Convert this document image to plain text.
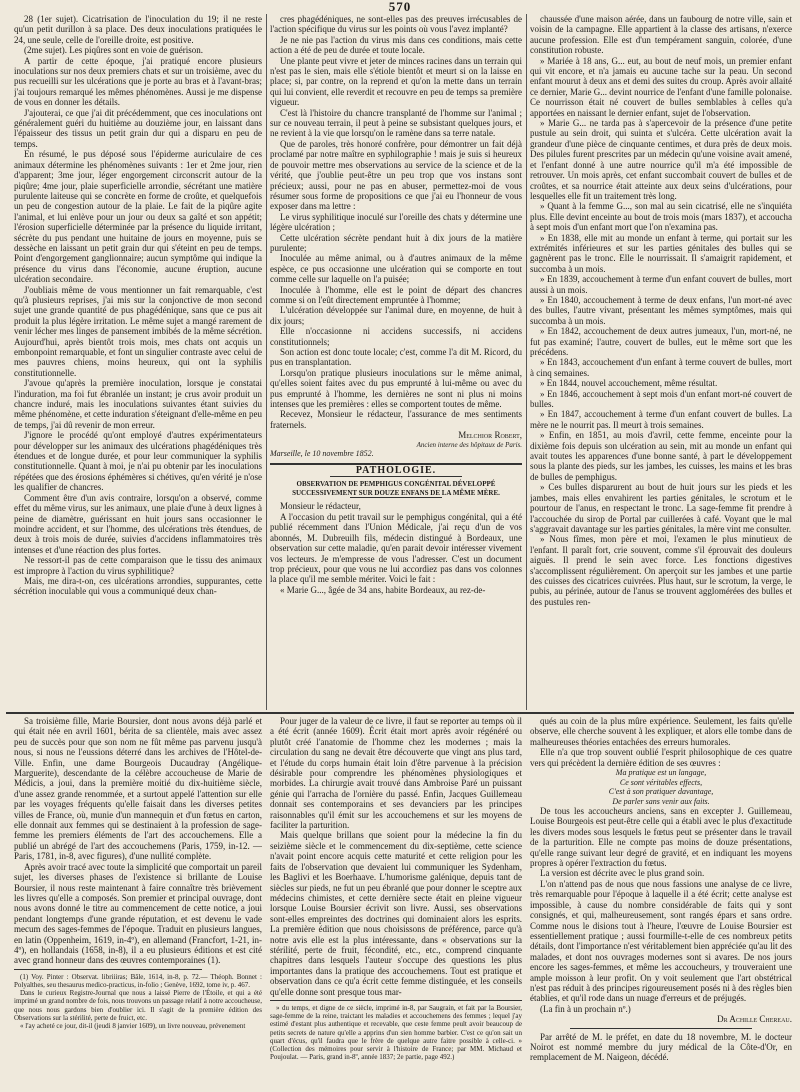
570

28 (1er sujet). Cicatrisation de l'inoculation du 19; il ne reste qu'un petit durillon à sa place. Des deux inoculations pratiquées le 24, une seule, celle de l'oreille droite, est positive.

(2me sujet). Les piqûres sont en voie de guérison.

A partir de cette époque, j'ai pratiqué encore plusieurs inoculations sur nos deux premiers chats et sur un troisième, avec du pus recueilli sur les ulcérations que je porte au bras et à l'avant-bras; j'ai toujours remarqué les mêmes phénomènes. Aussi je me dispense de vous en donner les détails.

J'ajouterai, ce que j'ai dit précédemment, que ces inoculations ont généralement guéri du huitième au douzième jour, en laissant dans l'épaisseur des tissus un petit grain dur qui a disparu en peu de temps.

En résumé, le pus déposé sous l'épiderme auriculaire de ces animaux détermine les phénomènes suivants : 1er et 2me jour, rien d'apparent; 3me jour, léger engorgement circonscrit autour de la piqûre; 4me jour, plaie superficielle arrondie, sécrétant une matière purulente laiteuse qui se concrète en forme de croûte, et quelquefois un peu de congestion autour de la plaie. Le fait de la piqûre agite l'animal, et lui enlève pour un jour ou deux sa gaîté et son appétit; l'érosion superficielle déterminée par la présence du liquide irritant, sécrète du pus pendant une huitaine de jours en moyenne, puis se dessèche en laissant un petit grain dur qui s'éteint en peu de temps. Point d'engorgement ganglionnaire; aucun symptôme qui indique la présence du virus dans l'économie, aucune éruption, aucune ulcération secondaire.

J'oubliais même de vous mentionner un fait remarquable, c'est qu'à plusieurs reprises, j'ai mis sur la conjonctive de mon second sujet une grande quantité de pus phagédénique, sans que ce pus ait produit la plus légère irritation. Le même sujet a mangé rarement de venir lécher mes linges de pansement imbibés de la même sécrétion. Aujourd'hui, après bientôt trois mois, mes chats ont acquis un embonpoint remarquable, et font un singulier contraste avec celui de mes pauvres chiens, moins heureux, qui ont la syphilis constitutionnelle.

J'avoue qu'après la première inoculation, lorsque je constatai l'induration, ma foi fut ébranlée un instant; je crus avoir produit un chancre induré, mais les inoculations suivantes étant suivies du même phénomène, et cette induration s'éteignant d'elle-même en peu de temps, j'ai dû revenir de mon erreur.

J'ignore le procédé qu'ont employé d'autres expérimentateurs pour développer sur les animaux des ulcérations phagédéniques très étendues et de longue durée, et pour leur communiquer la syphilis constitutionnelle. Quant à moi, je n'ai pu obtenir par les inoculations répétées que des érosions éphémères si chétives, qu'en vérité je n'ose les qualifier de chancres.

Comment être d'un avis contraire, lorsqu'on a observé, comme effet du même virus, sur les animaux, une plaie d'une à deux lignes à peine de diamètre, guérissant en huit jours sans occasionner le moindre accident, et sur l'homme, des ulcérations très étendues, de deux à trois mois de durée, suivies d'accidens inflammatoires très intenses et d'une réaction des plus fortes.

Ne ressort-il pas de cette comparaison que le tissu des animaux est impropre à l'action du virus syphilitique?

Mais, me dira-t-on, ces ulcérations arrondies, suppurantes, cette sécrétion inoculable qui vous a communiqué deux chan-

cres phagédéniques, ne sont-elles pas des preuves irrécusables de l'action spécifique du virus sur les points où vous l'avez implanté?

Je ne nie pas l'action du virus mis dans ces conditions, mais cette action a été de peu de durée et toute locale.

Une plante peut vivre et jeter de minces racines dans un terrain qui n'est pas le sien, mais elle s'étiole bientôt et meurt si on la laisse en place; si, par contre, on la reprend et qu'on la mette dans un terrain qui lui convient, elle reverdit et recouvre en peu de temps sa première vigueur.

C'est là l'histoire du chancre transplanté de l'homme sur l'animal ; sur ce nouveau terrain, il peut à peine se subsistant quelques jours, et ne revient à la vie que lorsqu'on le ramène dans sa terre natale.

Que de paroles, très honoré confrère, pour démontrer un fait déjà proclamé par notre maître en syphilographie ! mais je suis si heureux de pouvoir mettre mes observations au service de la science et de la vérité, que j'oublie peut-être un peu trop que vos instans sont précieux; aussi, pour ne pas en abuser, permettez-moi de vous résumer sous forme de propositions ce que j'ai eu l'honneur de vous exposer dans ma lettre :

Le virus syphilitique inoculé sur l'oreille des chats y détermine une légère ulcération ;

Cette ulcération sécrète pendant huit à dix jours de la matière purulente;

Inoculée au même animal, ou à d'autres animaux de la même espèce, ce pus occasionne une ulcération qui se comporte en tout comme celle sur laquelle on l'a puisée;

Inoculée à l'homme, elle est le point de départ des chancres comme si on l'eût directement empruntée à l'homme;

L'ulcération développée sur l'animal dure, en moyenne, de huit à dix jours;

Elle n'occasionne ni accidens successifs, ni accidens constitutionnels;

Son action est donc toute locale; c'est, comme l'a dit M. Ricord, du pus en transplantation.

Lorsqu'on pratique plusieurs inoculations sur le même animal, qu'elles soient faites avec du pus emprunté à lui-même ou avec du pus emprunté à l'homme, les dernières ne sont ni plus ni moins intenses que les premières : elles se comportent toutes de même.

Recevez, Monsieur le rédacteur, l'assurance de mes sentiments fraternels.

Melchior Robert,

Ancien interne des hôpitaux de Paris.

Marseille, le 10 novembre 1852.

PATHOLOGIE.

OBSERVATION DE PEMPHIGUS CONGÉNITAL DÉVELOPPÉ SUCCESSIVEMENT SUR DOUZE ENFANS DE LA MÊME MÈRE.

Monsieur le rédacteur,

A l'occasion du petit travail sur le pemphigus congénital, qui a été publié récemment dans l'Union Médicale, j'ai reçu d'un de vos abonnés, M. Dubreuilh fils, médecin distingué à Bordeaux, une observation sur cette maladie, qu'en parait devoir intéresser vivement vos lecteurs. Je m'empresse de vous l'adresser. C'est un document trop précieux, pour que vous ne lui accordiez pas dans vos colonnes la place qu'il me semble mériter. Voici le fait :

« Marie G..., âgée de 34 ans, habite Bordeaux, au rez-de-

chaussée d'une maison aérée, dans un faubourg de notre ville, sain et voisin de la campagne. Elle appartient à la classe des artisans, n'exerce aucune profession. Elle est d'un tempérament sanguin, colorée, d'une constitution robuste.

» Mariée à 18 ans, G... eut, au bout de neuf mois, un premier enfant qui vit encore, et n'a jamais eu aucune tache sur la peau. Un second enfant mourut à deux ans et demi des suites du croup. Après avoir allaité ce dernier, Marie G... devint nourrice de l'enfant d'une famille polonaise. Ce nourrisson était né couvert de bulles semblables à celles qu'a apportées en naissant le dernier enfant, sujet de l'observation.

» Marie G... ne tarda pas à s'apercevoir de la présence d'une petite pustule au sein droit, qui suinta et s'ulcéra. Cette ulcération avait la grandeur d'une pièce de cinquante centimes, et dura près de deux mois. Des pilules furent prescrites par un médecin qu'une voisine avait amené, et l'enfant donné à une autre nourrice qu'il m'a été impossible de retrouver. Un mois après, cet enfant succombait couvert de bulles et de croûtes, et sa nourrice était atteinte aux deux seins d'ulcérations, pour lesquelles elle fit un traitement très long.

» Quant à la femme G..., son mal au sein cicatrisé, elle ne s'inquiéta plus. Elle devint enceinte au bout de trois mois (mars 1837), et accoucha à sept mois d'un enfant mort que l'on n'examina pas.

» En 1838, elle mit au monde un enfant à terme, qui portait sur les extrémités inférieures et sur les parties génitales des bulles qui se gagnèrent pas le tronc. Elle le nourrissait. Il s'amaigrit rapidement, et succomba à un mois.

» En 1839, accouchement à terme d'un enfant couvert de bulles, mort aussi à un mois.

» En 1840, accouchement à terme de deux enfans, l'un mort-né avec des bulles, l'autre vivant, présentant les mêmes symptômes, mais qui succomba à un mois.

» En 1842, accouchement de deux autres jumeaux, l'un, mort-né, ne fut pas examiné; l'autre, couvert de bulles, eut le même sort que les précédens.

» En 1843, accouchement d'un enfant à terme couvert de bulles, mort à cinq semaines.

» En 1844, nouvel accouchement, même résultat.

» En 1846, accouchement à sept mois d'un enfant mort-né couvert de bulles.

» En 1847, accouchement à terme d'un enfant couvert de bulles. La mère ne le nourrit pas. Il meurt à trois semaines.

» Enfin, en 1851, au mois d'avril, cette femme, enceinte pour la dixième fois depuis son ulcération au sein, mit au monde un enfant qui avait toutes les apparences d'une bonne santé, à part le développement sous la plante des pieds, sur les jambes, les cuisses, les mains et les bras de bulles de pemphigus.

» Ces bulles disparurent au bout de huit jours sur les pieds et les jambes, mais elles envahirent les parties génitales, le scrotum et le pourtour de l'anus, en respectant le tronc. La sage-femme fit prendre à l'accouchée du sirop de Portal par cuillerées à café. Voyant que le mal s'aggravait davantage sur les parties génitales, la mère vint me consulter.

» Nous fîmes, mon père et moi, l'examen le plus minutieux de l'enfant. Il paraît fort, crie souvent, comme s'il éprouvait des douleurs aiguës. Il prend le sein avec force. Les fonctions digestives s'accomplissent régulièrement. On aperçoit sur les jambes et une partie des cuisses des cicatrices cuivrées. Plus haut, sur le scrotum, la verge, le pubis, au périnée, autour de l'anus se trouvent agglomérées des bulles et des pustules ren-

Sa troisième fille, Marie Boursier, dont nous avons déjà parlé et qui était née en avril 1601, bérita de sa clientèle, mais avec assez peu de succès pour que son nom ne fût même pas parvenu jusqu'à nous, si nous ne l'eussions déterré dans les archives de l'Hôtel-de-Ville. Enfin, une dame Bourgeois Ducaudray (Angélique-Marguerite), descendante de la célèbre accoucheuse de Marie de Médicis, a joui, dans la première moitié du dix-huitième siècle, d'une assez grande renommée, et a surtout appelé l'attention sur elle par les voyages fréquents qu'elle faisait dans les diverses petites villes de France, où, munie d'un mannequin et d'un fœtus en carton, elle donnait aux femmes qui se destinaient à la profession de sage-femme les premiers éléments de l'art des accouchemens. Elle a publié un abrégé de l'art des accouchemens (Paris, 1759, in-12. — Paris, 1781, in-8, avec figures), d'une nullité complète.

Après avoir tracé avec toute la simplicité que comportait un pareil sujet, les diverses phases de l'existence si brillante de Louise Boursier, il nous reste maintenant à faire connaître très brièvement les livres qu'elle a composés. Son premier et principal ouvrage, dont nous avons donné le titre au commencement de cette notice, a joui pendant longtemps d'une grande réputation, et est devenu le vade mecum des sages-femmes de l'époque. Traduit en plusieurs langues, en latin (Oppenheim, 1619, in-4º), en allemand (Francfort, 1-21, in-4º), en hollandais (1658, in-8), il a eu plusieurs éditions et est cité avec grand honneur dans des œuvres contemporaines (1).

(1) Voy. Pinter : Observat. libriiiras; Bâle, 1614, in-8, p. 72.— Théoph. Bonnet : Polyalthes, seu thesaurus medico-practicus, in-folio ; Genève, 1692, tome iv, p. 467.

Dans le curieux Registre-Journal que nous a laissé Pierre de l'Étoile, et qui a été imprimé un grand nombre de fois, nous trouvons un passage relatif à notre accoucheuse, que nous nous gardons bien d'oublier ici. Il s'agit de la première édition des Observations sur la stérilité, perte de fruict, etc.

« l'ay acheté ce jour, dit-il (jeudi 8 janvier 1609), un livre nouveau, prévenement

Pour juger de la valeur de ce livre, il faut se reporter au temps où il a été écrit (année 1609). Écrit était mort après avoir régénéré ou plutôt créé l'anatomie de l'homme chez les modernes ; mais la circulation du sang ne devait être découverte que vingt ans plus tard, et l'étude du corps humain était loin d'être parvenue à la précision désirable pour comprendre les phénomènes physiologiques et morbides. La chirurgie avait trouvé dans Ambroise Paré un puissant génie qui l'arracha de l'ornière du passé. Enfin, Jacques Guillemeau donnait ses contemporains et ses devanciers par les principes raisonnables qu'il émit sur les accouchemens et sur les moyens de faciliter la parturition.

Mais quelque brillans que soient pour la médecine la fin du seizième siècle et le commencement du dix-septième, cette science n'avait point encore acquis cette maturité et cette religion pour les faits de l'observation que devaient lui communiquer les Sydenham, les Baglivi et les Boerhaave. L'humorisme galénique, depuis tant de siècles sur pieds, ne fut un peu ébranlé que pour donner le sceptre aux médecins chimistes, et cette dernière secte était en pleine vigueur lorsque Louise Boursier écrivit son livre. Aussi, ses observations sont-elles empreintes des doctrines qui dominaient alors les esprits. La première édition que nous choisissons de préférence, parce qu'à notre avis elle est la plus intéressante, dans « observations sur la stérilité, perte de fruit, fécondité, etc., etc., comprend cinquante chapitres dans lesquels l'auteur s'occupe des questions les plus importantes dans la pratique des accouchemens. Tout est pratique et observation dans ce qu'a écrit cette femme distinguée, et les conseils qu'elle donne sont presque tous mar-

» du temps, et digne de ce siècle, imprimé in-8, par Saugrain, et fait par la Boursier, sage-femme de la reine, traictant les maladies et accouchemens des femmes ; lequel j'ay estimé d'estant plus authentique et recevable, que ceste femme peult avoir beaucoup de petits secrets de nature qu'elle a apprins d'un sien homme barbier. C'est ce qu'on sait un quart d'écus, qu'il faudra que le frère de quelque autre faitre possible à celle-ci. » (Collection des mémoires pour servir à l'histoire de France; par MM. Michaud et Poujoulat. — Paris, grand in-8º, année 1837; 2e partie, page 492.)

qués au coin de la plus mûre expérience. Seulement, les faits qu'elle observe, elle cherche souvent à les expliquer, et alors elle tombe dans de malheureuses théories entachées des erreurs humorales.

Elle n'a que trop souvent oublié l'esprit philosophique de ces quatre vers qui précèdent la dernière édition de ses œuvres :

Ma pratique est un langage,

Ce sont véritables effects,

C'est à son pratiquer davantage,

De parler sans venir aux faits.

De tous les accoucheurs anciens, sans en excepter J. Guillemeau, Louise Bourgeois est peut-être celle qui a établi avec le plus d'exactitude les divers modes sous lesquels le fœtus peut se présenter dans le travail de la parturition. Elle ne compte pas moins de douze présentations, qu'elle range suivant leur degré de gravité, et en indiquant les moyens propres à opérer l'extraction du fœtus.

La version est décrite avec le plus grand soin.

L'on n'attend pas de nous que nous fassions une analyse de ce livre, très remarquable pour l'époque à laquelle il a été écrit; cette analyse est impossible, à cause du nombre considérable de faits qui y sont consignés, et qui, malheureusement, sont rangés épars et sans ordre. Comme nous le disions tout à l'heure, l'œuvre de Louise Boursier est essentiellement pratique ; aussi fourmille-t-elle de ces nombreux petits détails, dont l'importance n'est véritablement bien appréciée qu'au lit des malades, et dont nos ouvrages modernes sont si avares. De nos jours encore les sages-femmes, et même les accoucheurs, y trouveraient une ample moisson à leur profit. On y voit seulement que l'art obstétrical n'est pas réduit à des principes rigoureusement posés ni à des règles bien établies, et qu'il rode dans un nuage d'erreurs et de préjugés.

(La fin à un prochain nº.)

Dr Achille Chereau.

Par arrêté de M. le préfet, en date du 18 novembre, M. le docteur Noirot est nommé membre du jury médical de la Côte-d'Or, en remplacement de M. Naigeon, décédé.
